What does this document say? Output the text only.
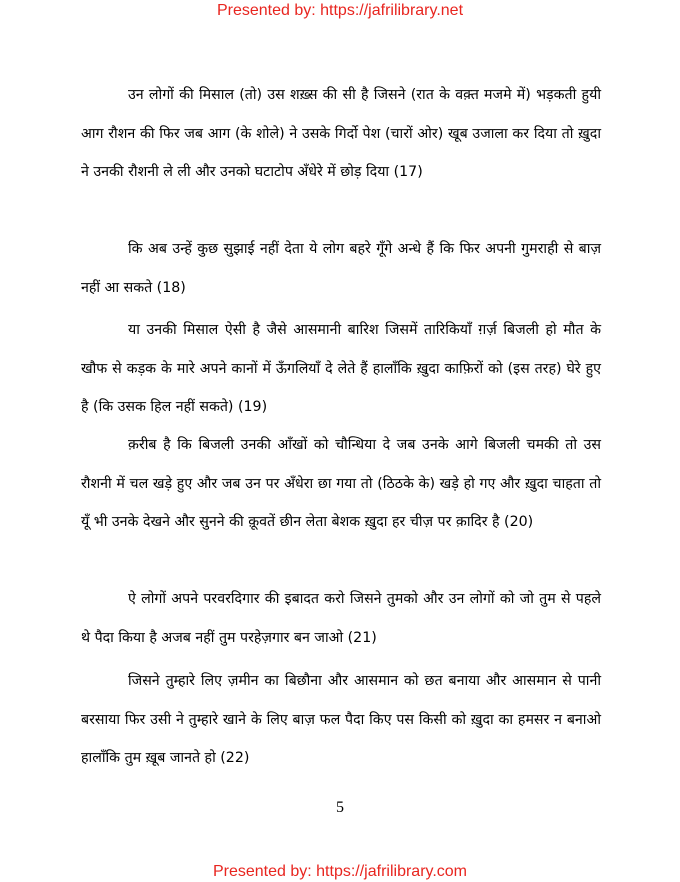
Presented by: https://jafrilibrary.net

उन लोगों की मिसाल (तो) उस शख़्स की सी है जिसने (रात के वक़्त मजमे में) भड़कती हुयी आग रौशन की फिर जब आग (के शोले) ने उसके गिर्दो पेश (चारों ओर) खूब उजाला कर दिया तो ख़ुदा ने उनकी रौशनी ले ली और उनको घटाटोप अँधेरे में छोड़ दिया (17)

कि अब उन्हें कुछ सुझाई नहीं देता ये लोग बहरे गूँगे अन्धे हैं कि फिर अपनी गुमराही से बाज़ नहीं आ सकते (18)

या उनकी मिसाल ऐसी है जैसे आसमानी बारिश जिसमें तारिकियाँ ग़र्ज़ बिजली हो मौत के खौफ से कड़क के मारे अपने कानों में ऊँगलियाँ दे लेते हैं हालाँकि ख़ुदा काफ़िरों को (इस तरह) घेरे हुए है (कि उसक हिल नहीं सकते) (19)

क़रीब है कि बिजली उनकी आँखों को चौन्धिया दे जब उनके आगे बिजली चमकी तो उस रौशनी में चल खड़े हुए और जब उन पर अँधेरा छा गया तो (ठिठके के) खड़े हो गए और ख़ुदा चाहता तो यूँ भी उनके देखने और सुनने की क़ूवतें छीन लेता बेशक ख़ुदा हर चीज़ पर क़ादिर है (20)

ऐ लोगों अपने परवरदिगार की इबादत करो जिसने तुमको और उन लोगों को जो तुम से पहले थे पैदा किया है अजब नहीं तुम परहेज़गार बन जाओ (21)

जिसने तुम्हारे लिए ज़मीन का बिछौना और आसमान को छत बनाया और आसमान से पानी बरसाया फिर उसी ने तुम्हारे खाने के लिए बाज़ फल पैदा किए पस किसी को ख़ुदा का हमसर न बनाओ हालाँकि तुम ख़ूब जानते हो (22)

5
Presented by: https://jafrilibrary.com
